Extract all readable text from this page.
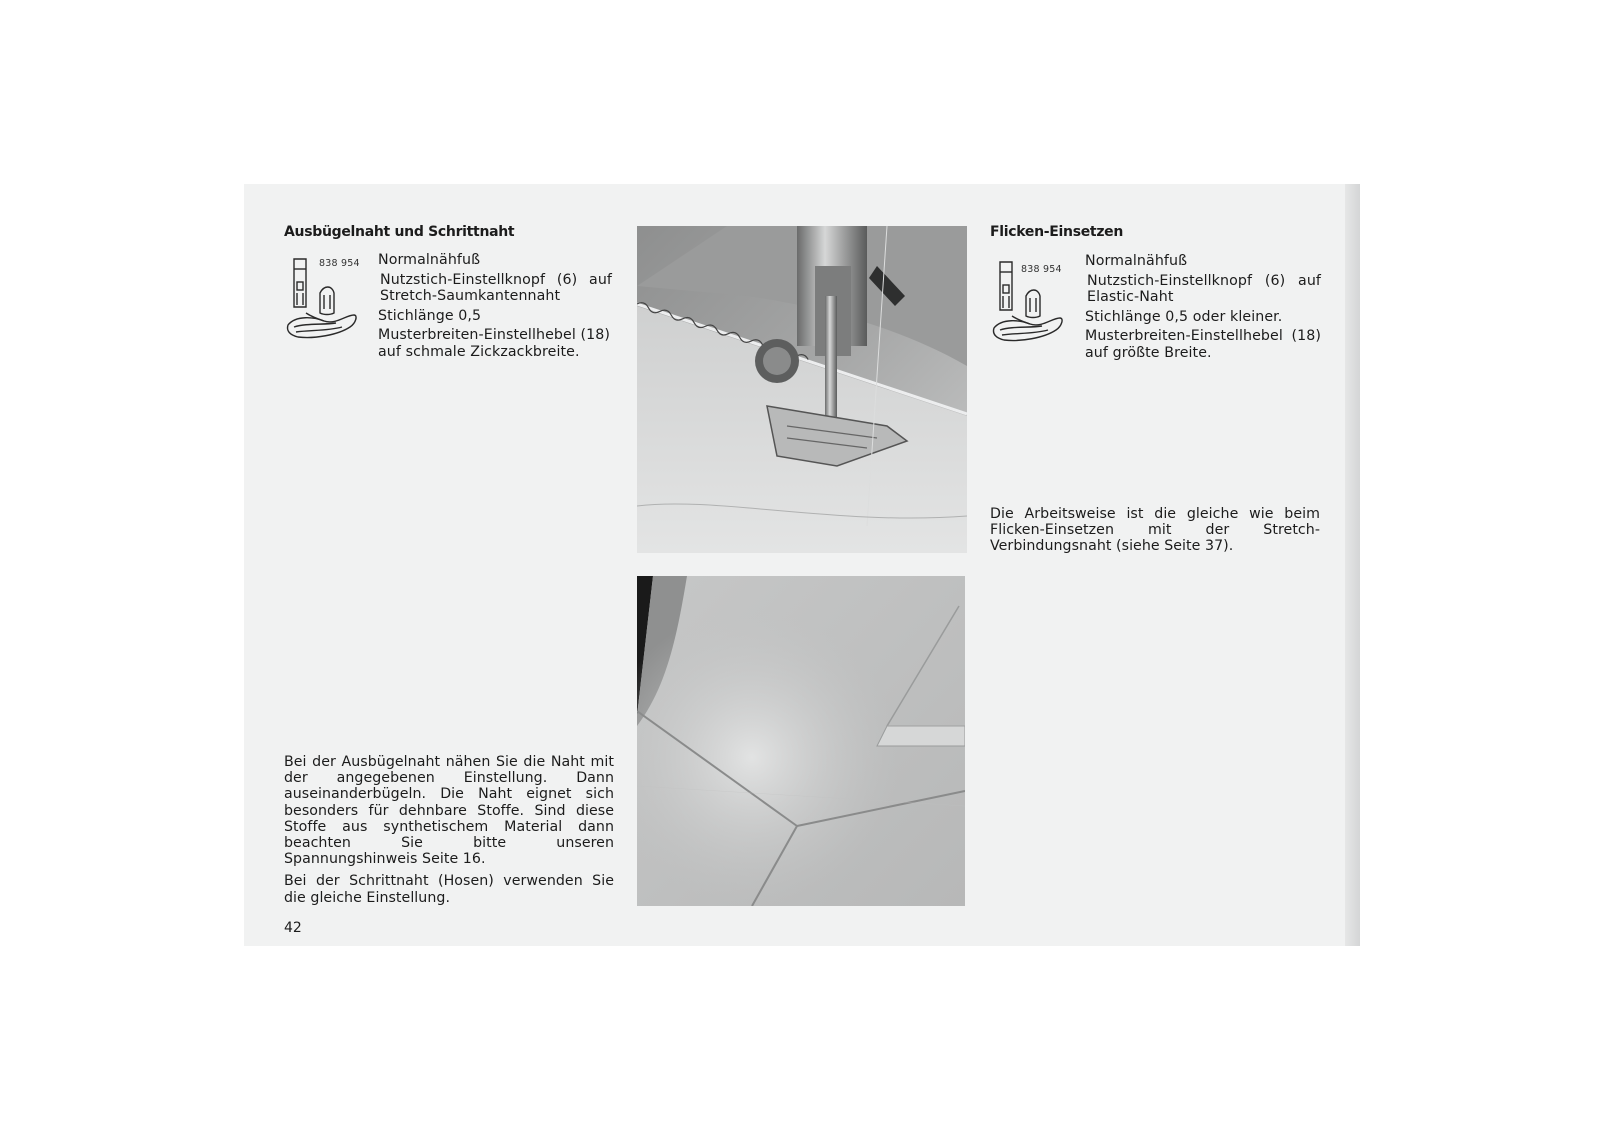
Ausbügelnaht und Schrittnaht
838 954 Normalnähfuß
Nutzstich-Einstellknopf (6) auf Stretch-Saumkantennaht
Stichlänge 0,5
Musterbreiten-Einstellhebel (18) auf schmale Zickzackbreite.

Bei der Ausbügelnaht nähen Sie die Naht mit der angegebenen Einstellung. Dann auseinanderbügeln. Die Naht eignet sich besonders für dehnbare Stoffe. Sind diese Stoffe aus synthetischem Material dann beachten Sie bitte unseren Spannungshinweis Seite 16.

Bei der Schrittnaht (Hosen) verwenden Sie die gleiche Einstellung.

42
Flicken-Einsetzen
838 954
Normalnähfuß
Nutzstich-Einstellknopf (6) auf Elastic-Naht
Stichlänge 0,5 oder kleiner.
Musterbreiten-Einstellhebel (18) auf größte Breite.

Die Arbeitsweise ist die gleiche wie beim Flicken-Einsetzen mit der Stretch-Verbindungsnaht (siehe Seite 37).
